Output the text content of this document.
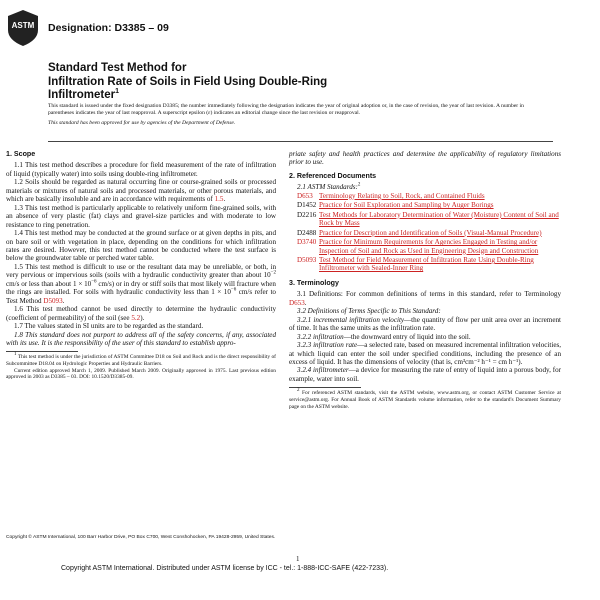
ASTM Designation: D3385 – 09
Standard Test Method for
Infiltration Rate of Soils in Field Using Double-Ring
Infiltrometer$^1$

This standard is issued under the fixed designation D3385; the number immediately following the designation indicates the year of original adoption or, in the case of revision, the year of last revision. A number in parentheses indicates the year of last reapproval. A superscript epsilon (ε) indicates an editorial change since the last revision or reapproval.

This standard has been approved for use by agencies of the Department of Defense.

1. Scope

1.1 This test method describes a procedure for field measurement of the rate of infiltration of liquid (typically water) into soils using double-ring infiltrometer.

1.2 Soils should be regarded as natural occurring fine or course-grained soils or processed materials or mixtures of natural soils and processed materials, or other porous materials, and which are basically insoluble and are in accordance with requirements of 1.5.

1.3 This test method is particularly applicable to relatively uniform fine-grained soils, with an absence of very plastic (fat) clays and gravel-size particles and with moderate to low resistance to ring penetration.

1.4 This test method may be conducted at the ground surface or at given depths in pits, and on bare soil or with vegetation in place, depending on the conditions for which infiltration rates are desired. However, this test method cannot be conducted where the test surface is below the groundwater table or perched water table.

1.5 This test method is difficult to use or the resultant data may be unreliable, or both, in very pervious or impervious soils (soils with a hydraulic conductivity greater than about $10^{-2}$ cm/s or less than about $1 \times 10^{-6}$ cm/s) or in dry or stiff soils that most likely will fracture when the rings are installed. For soils with hydraulic conductivity less than $1 \times 10^{-6}$ cm/s refer to Test Method D5093.

1.6 This test method cannot be used directly to determine the hydraulic conductivity (coefficient of permeability) of the soil (see 5.2).

1.7 The values stated in SI units are to be regarded as the standard.

1.8 This standard does not purport to address all of the safety concerns, if any, associated with its use. It is the responsibility of the user of this standard to establish appro-

$^1$ This test method is under the jurisdiction of ASTM Committee D18 on Soil and Rock and is the direct responsibility of Subcommittee D18.04 on Hydrologic Properties and Hydraulic Barriers.

Current edition approved March 1, 2009. Published March 2009. Originally approved in 1975. Last previous edition approved in 2003 as D3385 – 03. DOI: 10.1520/D3385-09.

priate safety and health practices and determine the applicability of regulatory limitations prior to use.

2. Referenced Documents

2.1 ASTM Standards:$^2$

D653 Terminology Relating to Soil, Rock, and Contained Fluids
D1452 Practice for Soil Exploration and Sampling by Auger Borings
D2216 Test Methods for Laboratory Determination of Water (Moisture) Content of Soil and Rock by Mass
D2488 Practice for Description and Identification of Soils (Visual-Manual Procedure)
D3740 Practice for Minimum Requirements for Agencies Engaged in Testing and/or Inspection of Soil and Rock as Used in Engineering Design and Construction
D5093 Test Method for Field Measurement of Infiltration Rate Using Double-Ring Infiltrometer with Sealed-Inner Ring

3. Terminology

3.1 Definitions: For common definitions of terms in this standard, refer to Terminology D653.

3.2 Definitions of Terms Specific to This Standard:

3.2.1 incremental infiltration velocity—the quantity of flow per unit area over an increment of time. It has the same units as the infiltration rate.

3.2.2 infiltration—the downward entry of liquid into the soil.

3.2.3 infiltration rate—a selected rate, based on measured incremental infiltration velocities, at which liquid can enter the soil under specified conditions, including the presence of an excess of liquid. It has the dimensions of velocity (that is, cm³cm⁻² h⁻¹ = cm h⁻¹).

3.2.4 infiltrometer—a device for measuring the rate of entry of liquid into a porous body, for example, water into soil.

$^2$ For referenced ASTM standards, visit the ASTM website, www.astm.org, or contact ASTM Customer Service at service@astm.org. For Annual Book of ASTM Standards volume information, refer to the standard's Document Summary page on the ASTM website.

Copyright © ASTM International, 100 Barr Harbor Drive, PO Box C700, West Conshohocken, PA 19428-2959, United States.
1
Copyright ASTM International. Distributed under ASTM license by ICC - tel.: 1-888-ICC-SAFE (422-7233).
